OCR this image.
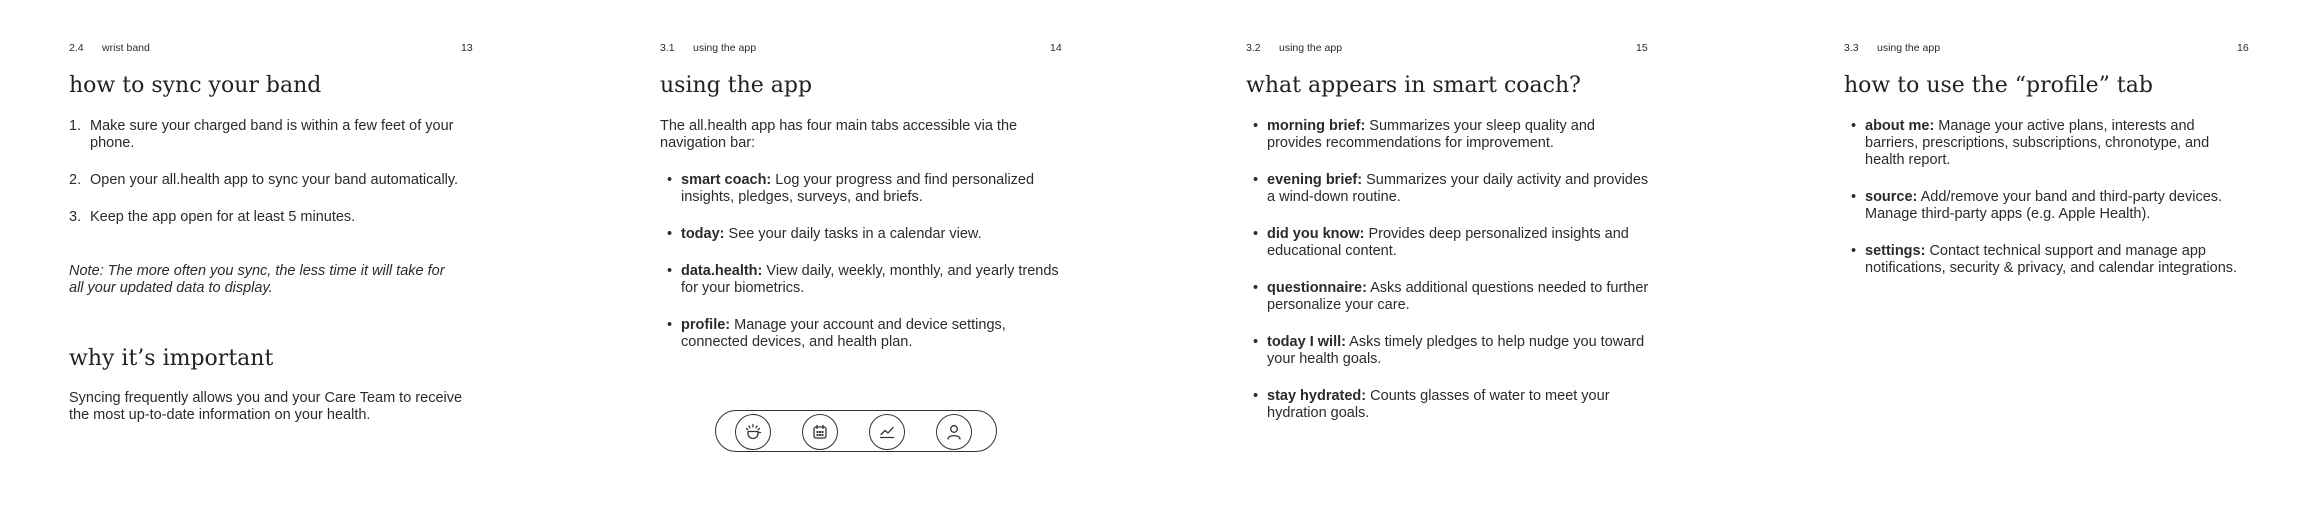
2.4 wrist band	13
how to sync your band
1. Make sure your charged band is within a few feet of your phone.
2. Open your all.health app to sync your band automatically.
3. Keep the app open for at least 5 minutes.
Note: The more often you sync, the less time it will take for all your updated data to display.
why it’s important
Syncing frequently allows you and your Care Team to receive the most up-to-date information on your health.
3.1 using the app	14
using the app
The all.health app has four main tabs accessible via the navigation bar:
• smart coach: Log your progress and find personalized insights, pledges, surveys, and briefs.
• today: See your daily tasks in a calendar view.
• data.health: View daily, weekly, monthly, and yearly trends for your biometrics.
• profile: Manage your account and device settings, connected devices, and health plan.
3.2 using the app	15
what appears in smart coach?
• morning brief: Summarizes your sleep quality and provides recommendations for improvement.
• evening brief: Summarizes your daily activity and provides a wind-down routine.
• did you know: Provides deep personalized insights and educational content.
• questionnaire: Asks additional questions needed to further personalize your care.
• today I will: Asks timely pledges to help nudge you toward your health goals.
• stay hydrated: Counts glasses of water to meet your hydration goals.
3.3 using the app	16
how to use the “profile” tab
• about me: Manage your active plans, interests and barriers, prescriptions, subscriptions, chronotype, and health report.
• source: Add/remove your band and third-party devices. Manage third-party apps (e.g. Apple Health).
• settings: Contact technical support and manage app notifications, security & privacy, and calendar integrations.
